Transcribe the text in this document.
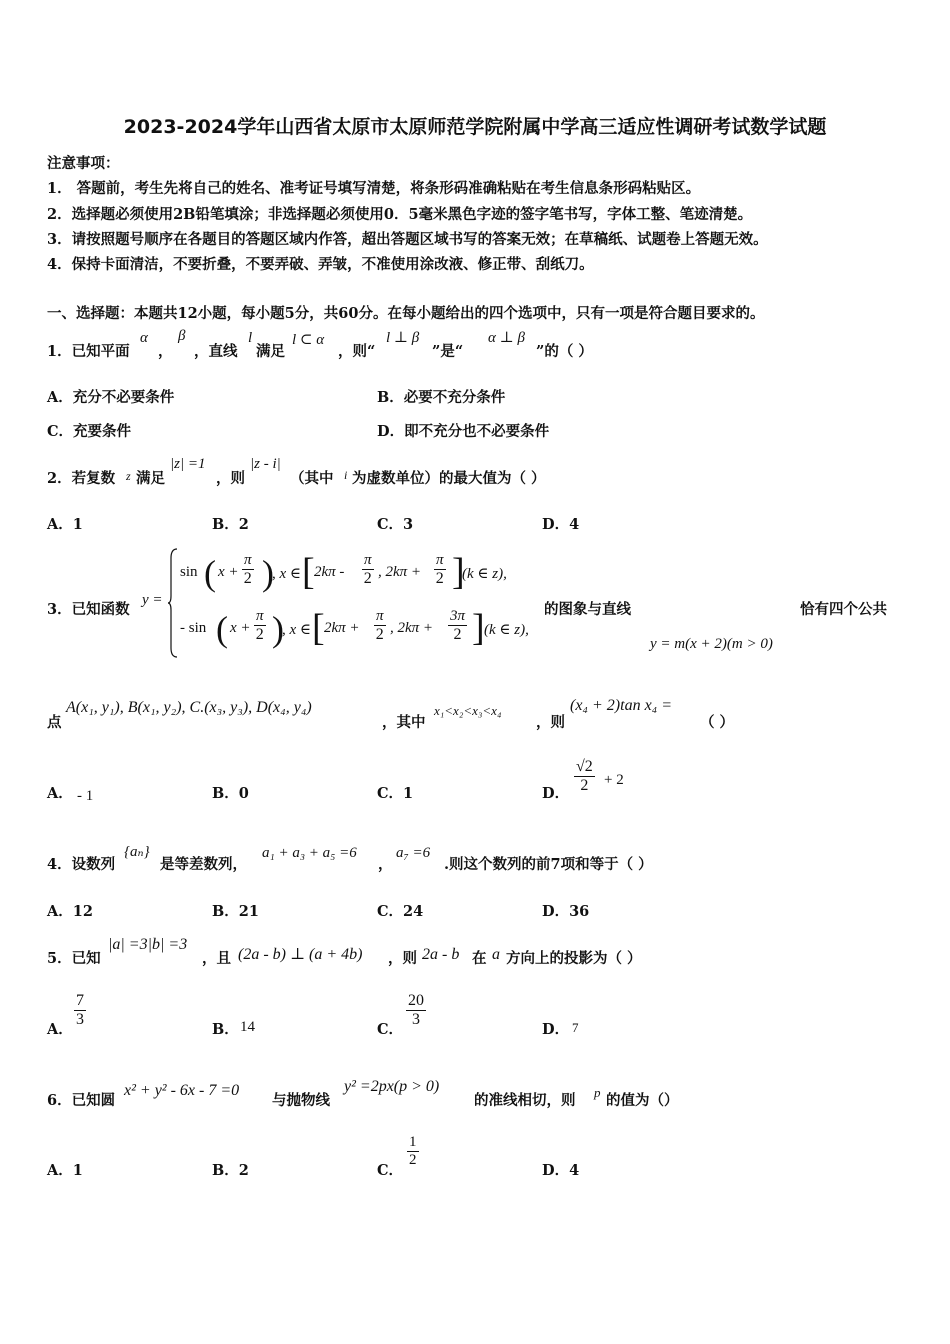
2023-2024学年山西省太原市太原师范学院附属中学高三适应性调研考试数学试题
注意事项：
1． 答题前，考生先将自己的姓名、准考证号填写清楚，将条形码准确粘贴在考生信息条形码粘贴区。
2．选择题必须使用2B铅笔填涂；非选择题必须使用0．5毫米黑色字迹的签字笔书写，字体工整、笔迹清楚。
3．请按照题号顺序在各题目的答题区域内作答，超出答题区域书写的答案无效；在草稿纸、试题卷上答题无效。
4．保持卡面清洁，不要折叠，不要弄破、弄皱，不准使用涂改液、修正带、刮纸刀。
一、选择题：本题共12小题，每小题5分，共60分。在每小题给出的四个选项中，只有一项是符合题目要求的。
1．已知平面
α
，
β
，直线
l
满足
l ⊂ α
，则“
l ⊥ β
”是“
α ⊥ β
”的（ ）
A．充分不必要条件	B．必要不充分条件
C．充要条件	D．即不充分也不必要条件
2．若复数 z 满足
|z| =1
，则
|z - i|
（其中 i 为虚数单位）的最大值为（ ）
A．1	B．2	C．3	D．4
3．已知函数
y =
sin ( $x + \frac{\pi}{2}$ )
, x ∈ [ $2k\pi - \frac{\pi}{2}$ , $2k\pi + \frac{\pi}{2}$ ]
(k ∈ z),
- sin ( $x + \frac{\pi}{2}$ )
, x ∈ [ $2k\pi + \frac{\pi}{2}$ , $2k\pi + \frac{3\pi}{2}$ ] (k ∈ z),
的图象与直线
y = m(x + 2)(m > 0)
恰有四个公共
点
A(x₁, y₁), B(x₁, y₂), C.(x₃, y₃), D(x₄, y₄)
，其中
x₁<x₂<x₃<x₄
，则
(x₄ + 2)tan x₄ =
（ ）
A． - 1	B．0	C．1	D． $\frac{√2}{2} + 2$
4．设数列
{aₙ}
是等差数列，
a₁ + a₃ + a₅ =6
，
a₇ =6
.则这个数列的前7项和等于（ ）
A．12	B．21	C．24	D．36
5．已知
|a| =3|b| =3
，且 (2a - b) ⊥ (a + 4b) ，则 2a - b 在 a 方向上的投影为（ ）
A．
$\frac{7}{3}$
B． 14	C．
$\frac{20}{3}$
D． 7
6．已知圆
x² + y² - 6x - 7 =0
与抛物线
y² =2px(p > 0)
的准线相切，则 p 的值为（）
A．1	B．2	C．
$\frac{1}{2}$
D．4
